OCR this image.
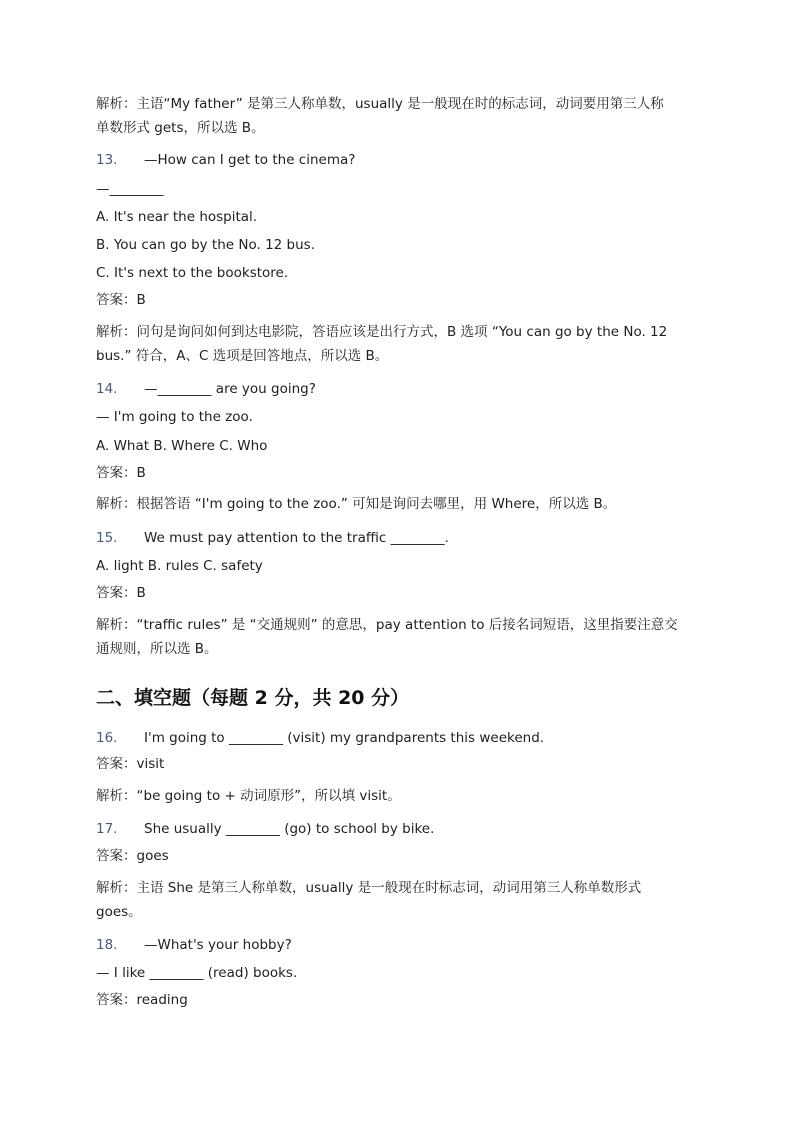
解析：主语“My father” 是第三人称单数，usually 是一般现在时的标志词，动词要用第三人称
单数形式 gets，所以选 B。
13. —How can I get to the cinema?
—________
A. It's near the hospital.
B. You can go by the No. 12 bus.
C. It's next to the bookstore.
答案：B
解析：问句是询问如何到达电影院，答语应该是出行方式，B 选项 “You can go by the No. 12
bus.” 符合，A、C 选项是回答地点，所以选 B。
14. —________ are you going?
— I'm going to the zoo.
A. What B. Where C. Who
答案：B
解析：根据答语 “I'm going to the zoo.” 可知是询问去哪里，用 Where，所以选 B。
15. We must pay attention to the traffic ________.
A. light B. rules C. safety
答案：B
解析：“traffic rules” 是 “交通规则” 的意思，pay attention to 后接名词短语，这里指要注意交
通规则，所以选 B。
二、填空题（每题 2 分，共 20 分）
16. I'm going to ________ (visit) my grandparents this weekend.
答案：visit
解析：“be going to + 动词原形”，所以填 visit。
17. She usually ________ (go) to school by bike.
答案：goes
解析：主语 She 是第三人称单数，usually 是一般现在时标志词，动词用第三人称单数形式
goes。
18. —What's your hobby?
— I like ________ (read) books.
答案：reading
